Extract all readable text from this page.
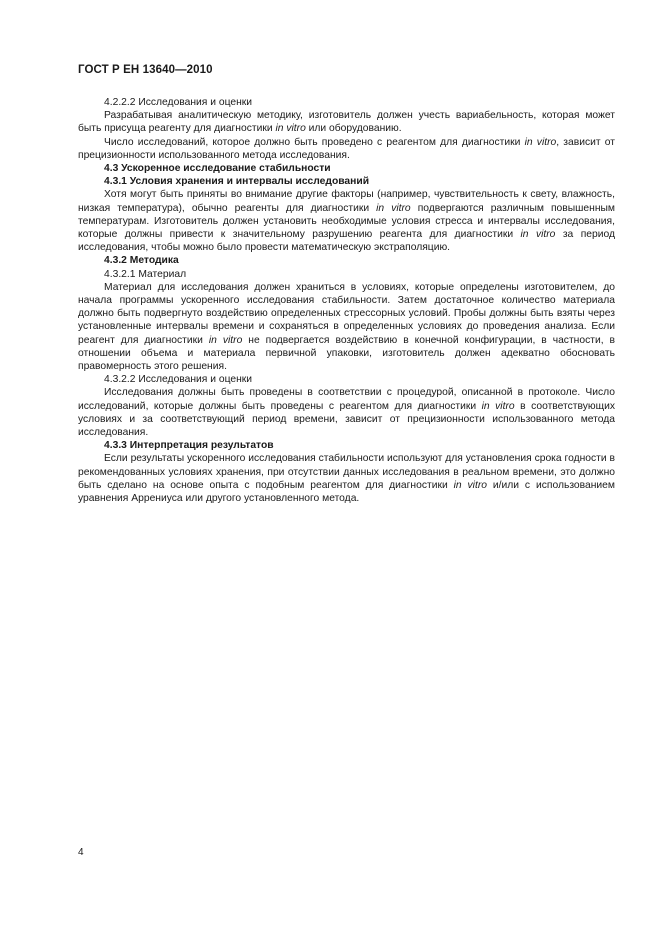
ГОСТ Р ЕН 13640—2010

4.2.2.2 Исследования и оценки

Разрабатывая аналитическую методику, изготовитель должен учесть вариабельность, которая может быть присуща реагенту для диагностики in vitro или оборудованию.

Число исследований, которое должно быть проведено с реагентом для диагностики in vitro, зависит от прецизионности использованного метода исследования.

4.3 Ускоренное исследование стабильности

4.3.1 Условия хранения и интервалы исследований

Хотя могут быть приняты во внимание другие факторы (например, чувствительность к свету, влажность, низкая температура), обычно реагенты для диагностики in vitro подвергаются различным повышенным температурам. Изготовитель должен установить необходимые условия стресса и интервалы исследования, которые должны привести к значительному разрушению реагента для диагностики in vitro за период исследования, чтобы можно было провести математическую экстраполяцию.

4.3.2 Методика

4.3.2.1 Материал

Материал для исследования должен храниться в условиях, которые определены изготовителем, до начала программы ускоренного исследования стабильности. Затем достаточное количество материала должно быть подвергнуто воздействию определенных стрессорных условий. Пробы должны быть взяты через установленные интервалы времени и сохраняться в определенных условиях до проведения анализа. Если реагент для диагностики in vitro не подвергается воздействию в конечной конфигурации, в частности, в отношении объема и материала первичной упаковки, изготовитель должен адекватно обосновать правомерность этого решения.

4.3.2.2 Исследования и оценки

Исследования должны быть проведены в соответствии с процедурой, описанной в протоколе. Число исследований, которые должны быть проведены с реагентом для диагностики in vitro в соответствующих условиях и за соответствующий период времени, зависит от прецизионности использованного метода исследования.

4.3.3 Интерпретация результатов

Если результаты ускоренного исследования стабильности используют для установления срока годности в рекомендованных условиях хранения, при отсутствии данных исследования в реальном времени, это должно быть сделано на основе опыта с подобным реагентом для диагностики in vitro и/или с использованием уравнения Аррениуса или другого установленного метода.

4
